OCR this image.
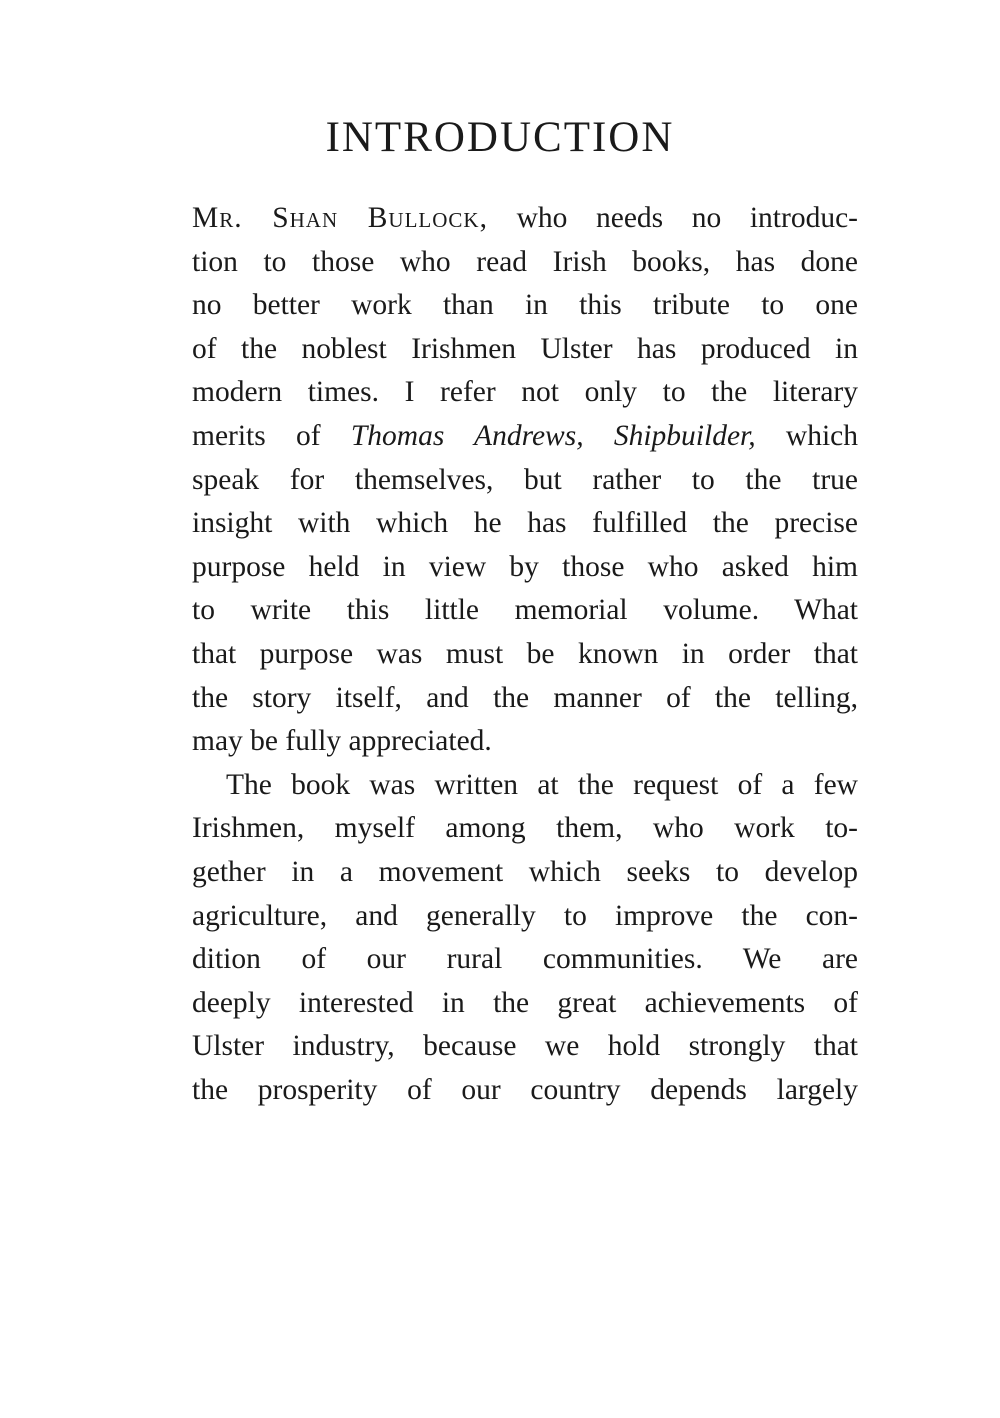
INTRODUCTION
Mr. Shan Bullock, who needs no introduc-
tion to those who read Irish books, has done
no better work than in this tribute to one
of the noblest Irishmen Ulster has produced in
modern times. I refer not only to the literary
merits of Thomas Andrews, Shipbuilder, which
speak for themselves, but rather to the true
insight with which he has fulfilled the precise
purpose held in view by those who asked him
to write this little memorial volume. What
that purpose was must be known in order that
the story itself, and the manner of the telling,
may be fully appreciated.
The book was written at the request of a few
Irishmen, myself among them, who work to-
gether in a movement which seeks to develop
agriculture, and generally to improve the con-
dition of our rural communities. We are
deeply interested in the great achievements of
Ulster industry, because we hold strongly that
the prosperity of our country depends largely
